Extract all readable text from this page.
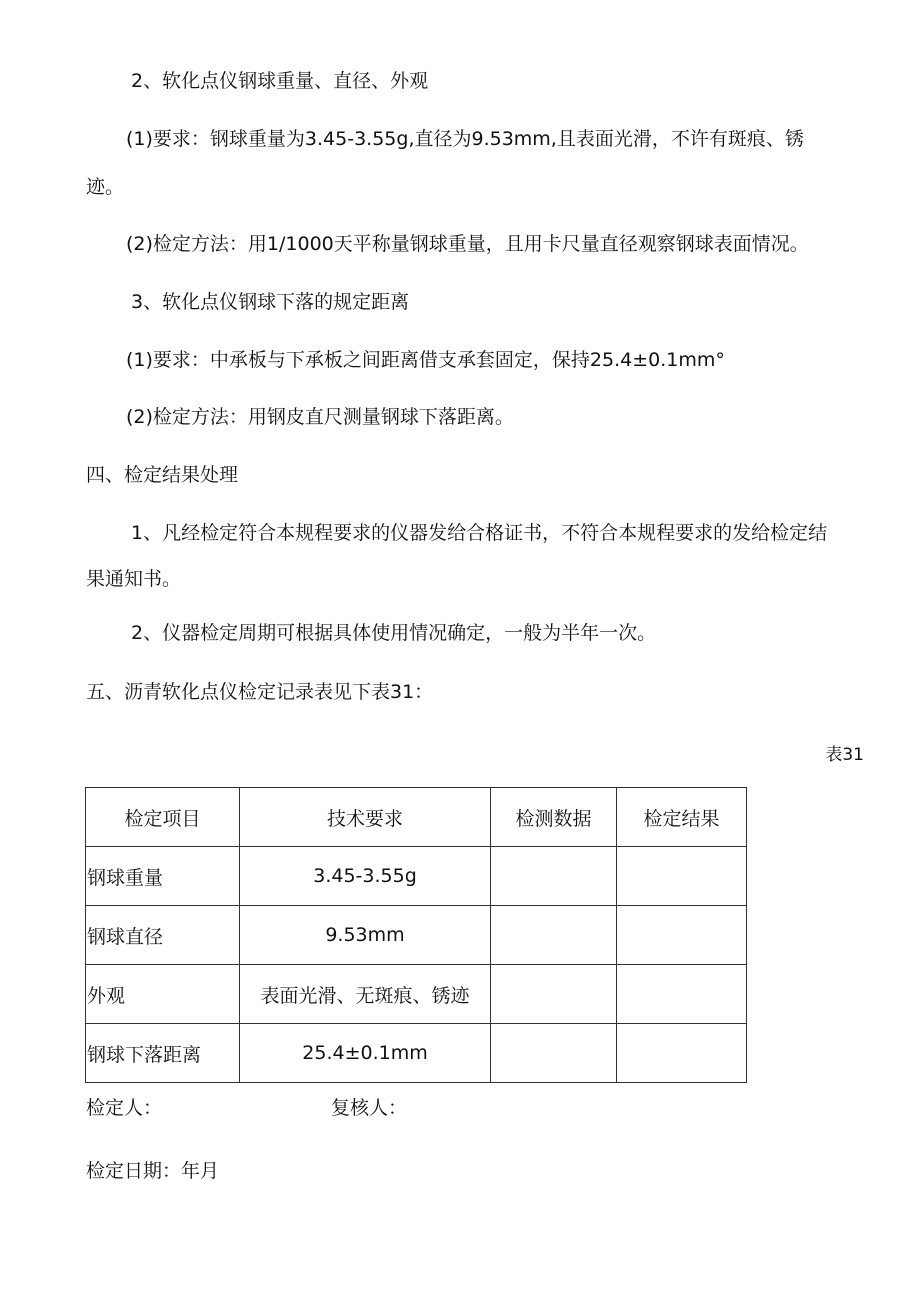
2、软化点仪钢球重量、直径、外观
(1)要求：钢球重量为3.45-3.55g,直径为9.53mm,且表面光滑，不许有斑痕、锈
迹。
(2)检定方法：用1/1000天平称量钢球重量，且用卡尺量直径观察钢球表面情况。
3、软化点仪钢球下落的规定距离
(1)要求：中承板与下承板之间距离借支承套固定，保持25.4±0.1mm°
(2)检定方法：用钢皮直尺测量钢球下落距离。
四、检定结果处理
1、凡经检定符合本规程要求的仪器发给合格证书，不符合本规程要求的发给检定结
果通知书。
2、仪器检定周期可根据具体使用情况确定，一般为半年一次。
五、沥青软化点仪检定记录表见下表31：
表31
检定项目	技术要求	检测数据	检定结果
钢球重量	3.45-3.55g		
钢球直径	9.53mm		
外观	表面光滑、无斑痕、锈迹		
钢球下落距离	25.4±0.1mm		
检定人：	复核人：
检定日期：年月
